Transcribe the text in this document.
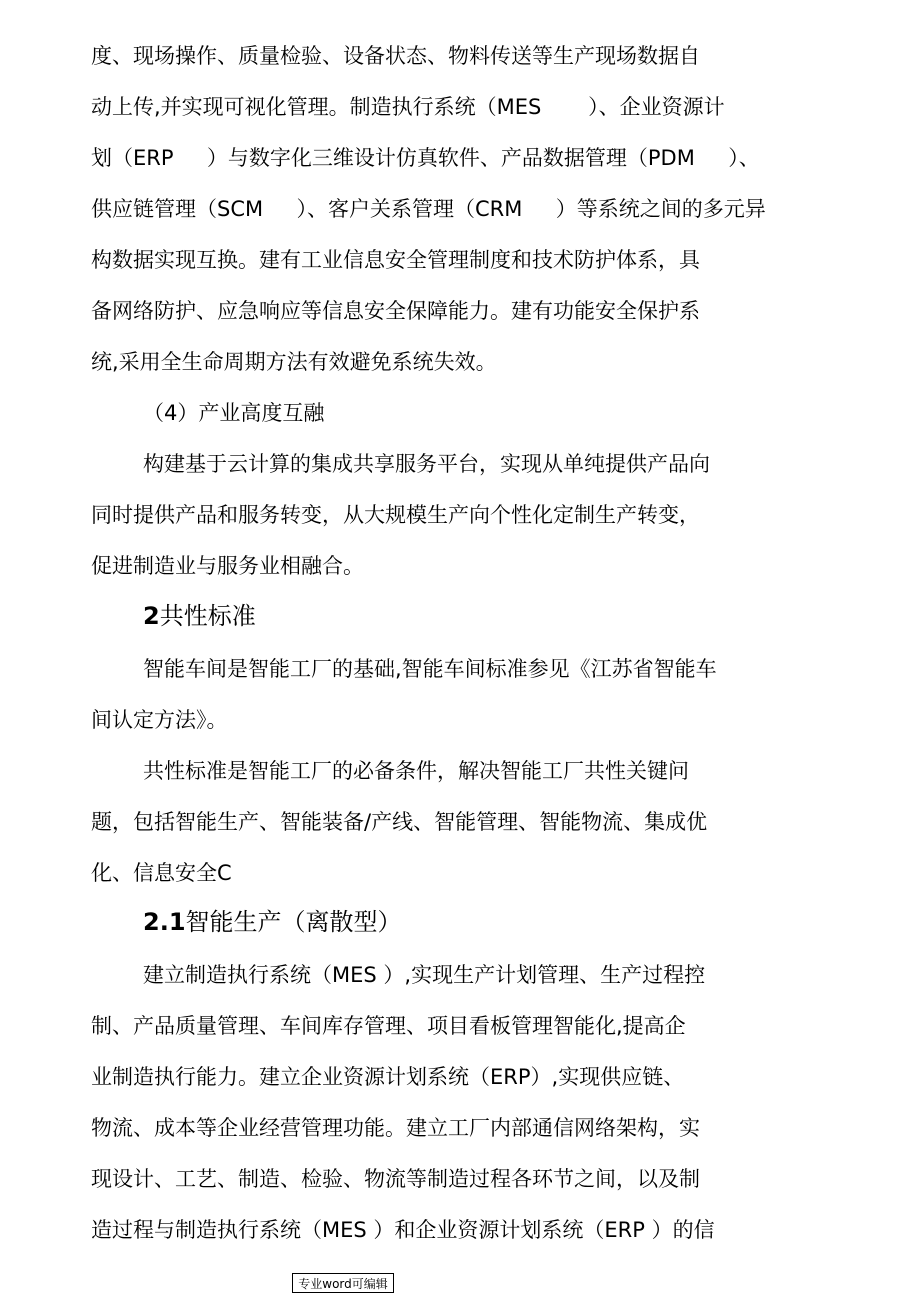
度、现场操作、质量检验、设备状态、物料传送等生产现场数据自
动上传,并实现可视化管理。制造执行系统（MES       ）、企业资源计
划（ERP     ）与数字化三维设计仿真软件、产品数据管理（PDM     ）、
供应链管理（SCM     ）、客户关系管理（CRM     ）等系统之间的多元异
构数据实现互换。建有工业信息安全管理制度和技术防护体系，具
备网络防护、应急响应等信息安全保障能力。建有功能安全保护系
统,采用全生命周期方法有效避免系统失效。
（4）产业高度互融
构建基于云计算的集成共享服务平台，实现从单纯提供产品向
同时提供产品和服务转变，从大规模生产向个性化定制生产转变，
促进制造业与服务业相融合。
2共性标准
智能车间是智能工厂的基础,智能车间标准参见《江苏省智能车
间认定方法》。
共性标准是智能工厂的必备条件，解决智能工厂共性关键问
题，包括智能生产、智能装备/产线、智能管理、智能物流、集成优
化、信息安全C
2.1智能生产（离散型）
建立制造执行系统（MES ）,实现生产计划管理、生产过程控
制、产品质量管理、车间库存管理、项目看板管理智能化,提高企
业制造执行能力。建立企业资源计划系统（ERP）,实现供应链、
物流、成本等企业经营管理功能。建立工厂内部通信网络架构，实
现设计、工艺、制造、检验、物流等制造过程各环节之间，以及制
造过程与制造执行系统（MES ）和企业资源计划系统（ERP ）的信
专业word可编辑
